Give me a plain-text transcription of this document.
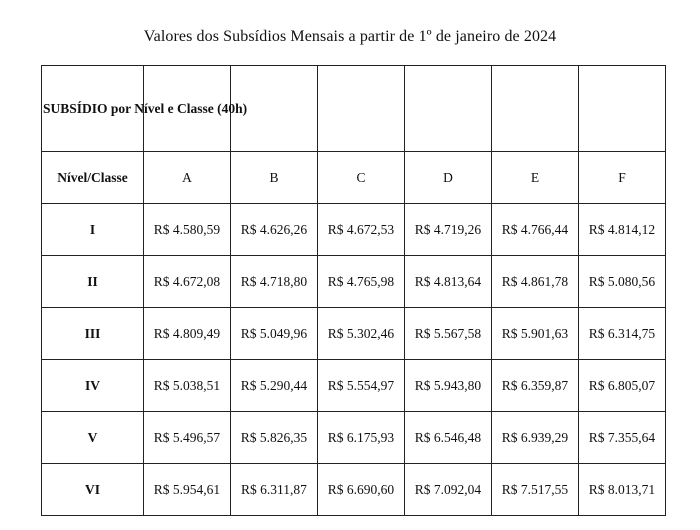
Valores dos Subsídios Mensais a partir de 1º de janeiro de 2024
SUBSÍDIO por Nível e Classe (40h)						
Nível/Classe	A	B	C	D	E	F
I	R$ 4.580,59	R$ 4.626,26	R$ 4.672,53	R$ 4.719,26	R$ 4.766,44	R$ 4.814,12
II	R$ 4.672,08	R$ 4.718,80	R$ 4.765,98	R$ 4.813,64	R$ 4.861,78	R$ 5.080,56
III	R$ 4.809,49	R$ 5.049,96	R$ 5.302,46	R$ 5.567,58	R$ 5.901,63	R$ 6.314,75
IV	R$ 5.038,51	R$ 5.290,44	R$ 5.554,97	R$ 5.943,80	R$ 6.359,87	R$ 6.805,07
V	R$ 5.496,57	R$ 5.826,35	R$ 6.175,93	R$ 6.546,48	R$ 6.939,29	R$ 7.355,64
VI	R$ 5.954,61	R$ 6.311,87	R$ 6.690,60	R$ 7.092,04	R$ 7.517,55	R$ 8.013,71
